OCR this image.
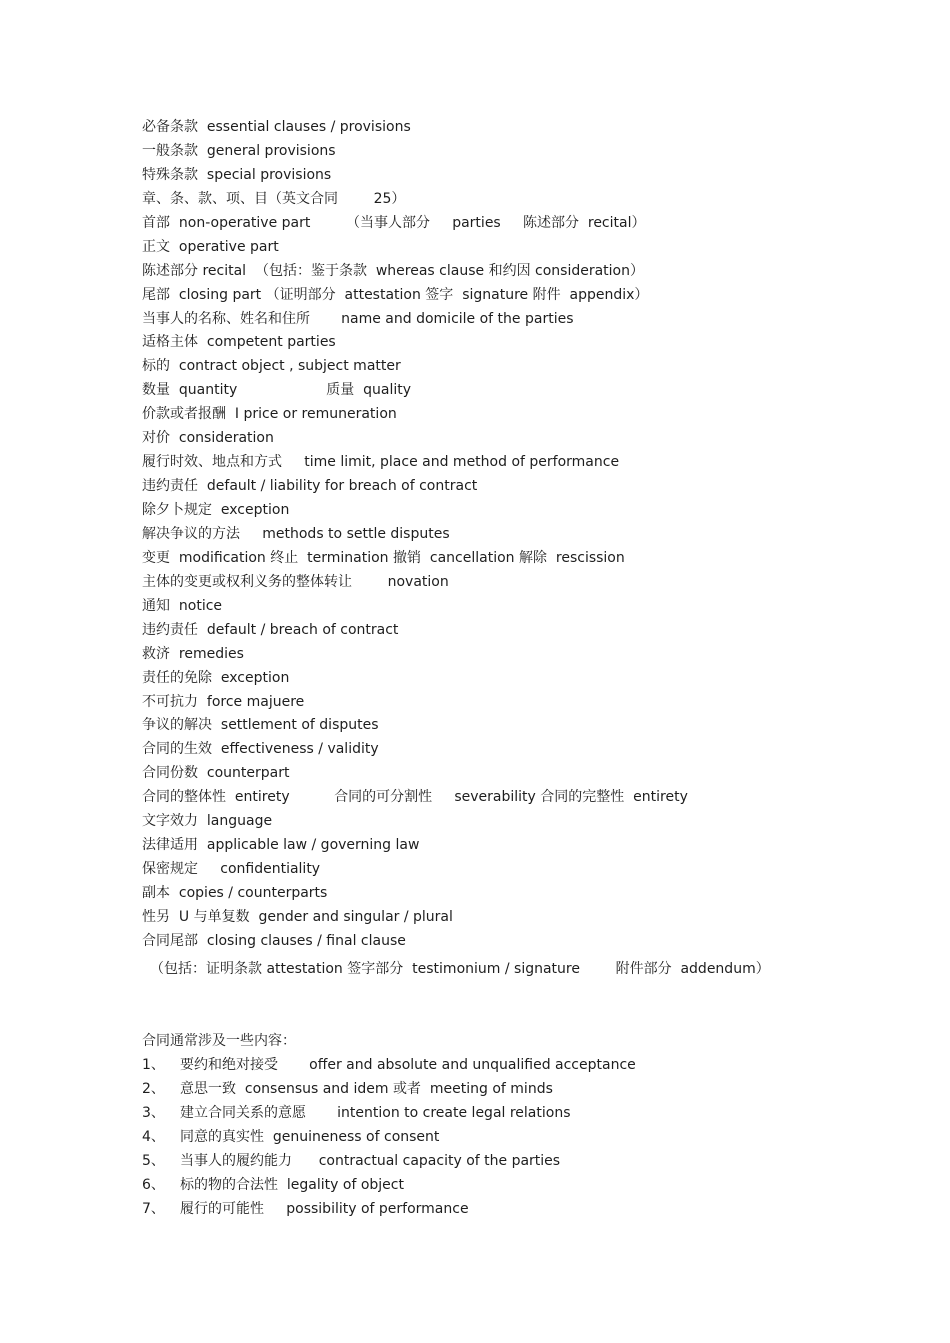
必备条款  essential clauses / provisions
一般条款  general provisions
特殊条款  special provisions
章、条、款、项、目（英文合同        25）
首部  non-operative part        （当事人部分     parties     陈述部分  recital）
正文  operative part
陈述部分 recital  （包括：鉴于条款  whereas clause 和约因 consideration）
尾部  closing part （证明部分  attestation 签字  signature 附件  appendix）
当事人的名称、姓名和住所       name and domicile of the parties
适格主体  competent parties
标的  contract object , subject matter
数量  quantity                    质量  quality
价款或者报酬  I price or remuneration
对价  consideration
履行时效、地点和方式     time limit, place and method of performance
违约责任  default / liability for breach of contract
除夕卜规定  exception
解决争议的方法     methods to settle disputes
变更  modification 终止  termination 撤销  cancellation 解除  rescission
主体的变更或权利义务的整体转让        novation
通知  notice
违约责任  default / breach of contract
救济  remedies
责任的免除  exception
不可抗力  force majuere
争议的解决  settlement of disputes
合同的生效  effectiveness / validity
合同份数  counterpart
合同的整体性  entirety          合同的可分割性     severability 合同的完整性  entirety
文字效力  language
法律适用  applicable law / governing law
保密规定     confidentiality
副本  copies / counterparts
性另  U 与单复数  gender and singular / plural
合同尾部  closing clauses / final clause
（包括：证明条款 attestation 签字部分  testimonium / signature        附件部分  addendum）
合同通常涉及一些内容：
1、 要约和绝对接受       offer and absolute and unqualified acceptance
2、 意思一致  consensus and idem 或者  meeting of minds
3、 建立合同关系的意愿       intention to create legal relations
4、 同意的真实性  genuineness of consent
5、 当事人的履约能力      contractual capacity of the parties
6、 标的物的合法性  legality of object
7、 履行的可能性     possibility of performance
